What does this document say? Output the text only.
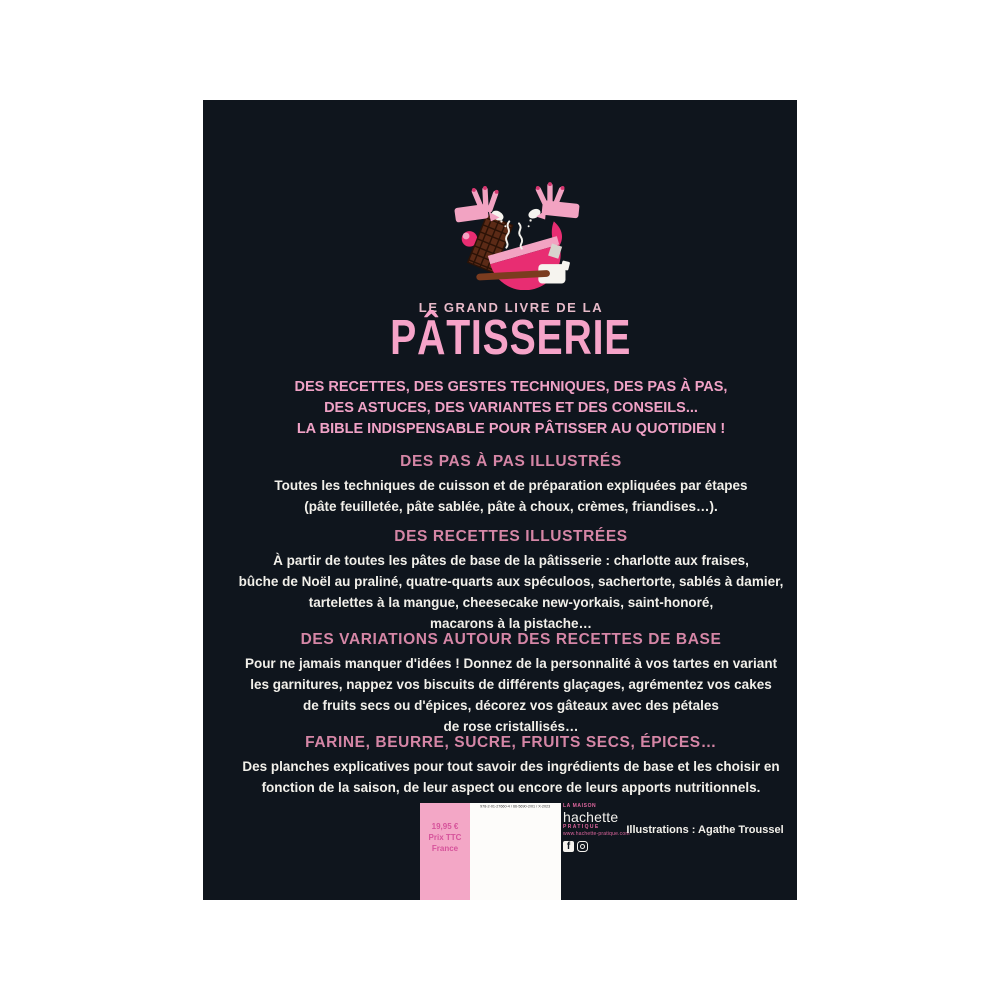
LE GRAND LIVRE DE LA
PÂTISSERIE
DES RECETTES, DES GESTES TECHNIQUES, DES PAS À PAS,
DES ASTUCES, DES VARIANTES ET DES CONSEILS...
LA BIBLE INDISPENSABLE POUR PÂTISSER AU QUOTIDIEN !
DES PAS À PAS ILLUSTRÉS
Toutes les techniques de cuisson et de préparation expliquées par étapes
(pâte feuilletée, pâte sablée, pâte à choux, crèmes, friandises…).
DES RECETTES ILLUSTRÉES
À partir de toutes les pâtes de base de la pâtisserie : charlotte aux fraises,
bûche de Noël au praliné, quatre-quarts aux spéculoos, sachertorte, sablés à damier,
tartelettes à la mangue, cheesecake new-yorkais, saint-honoré,
macarons à la pistache…
DES VARIATIONS AUTOUR DES RECETTES DE BASE
Pour ne jamais manquer d'idées ! Donnez de la personnalité à vos tartes en variant
les garnitures, nappez vos biscuits de différents glaçages, agrémentez vos cakes
de fruits secs ou d'épices, décorez vos gâteaux avec des pétales
de rose cristallisés…
FARINE, BEURRE, SUCRE, FRUITS SECS, ÉPICES…
Des planches explicatives pour tout savoir des ingrédients de base et les choisir en
fonction de la saison, de leur aspect ou encore de leurs apports nutritionnels.
19,95 €
Prix TTC
France
978-2-01-27660-4 / 66-5690-2/01 / X-2023	LA MAISON
hachette
PRATIQUE
www.hachette-pratique.com
f
Illustrations : Agathe Troussel
